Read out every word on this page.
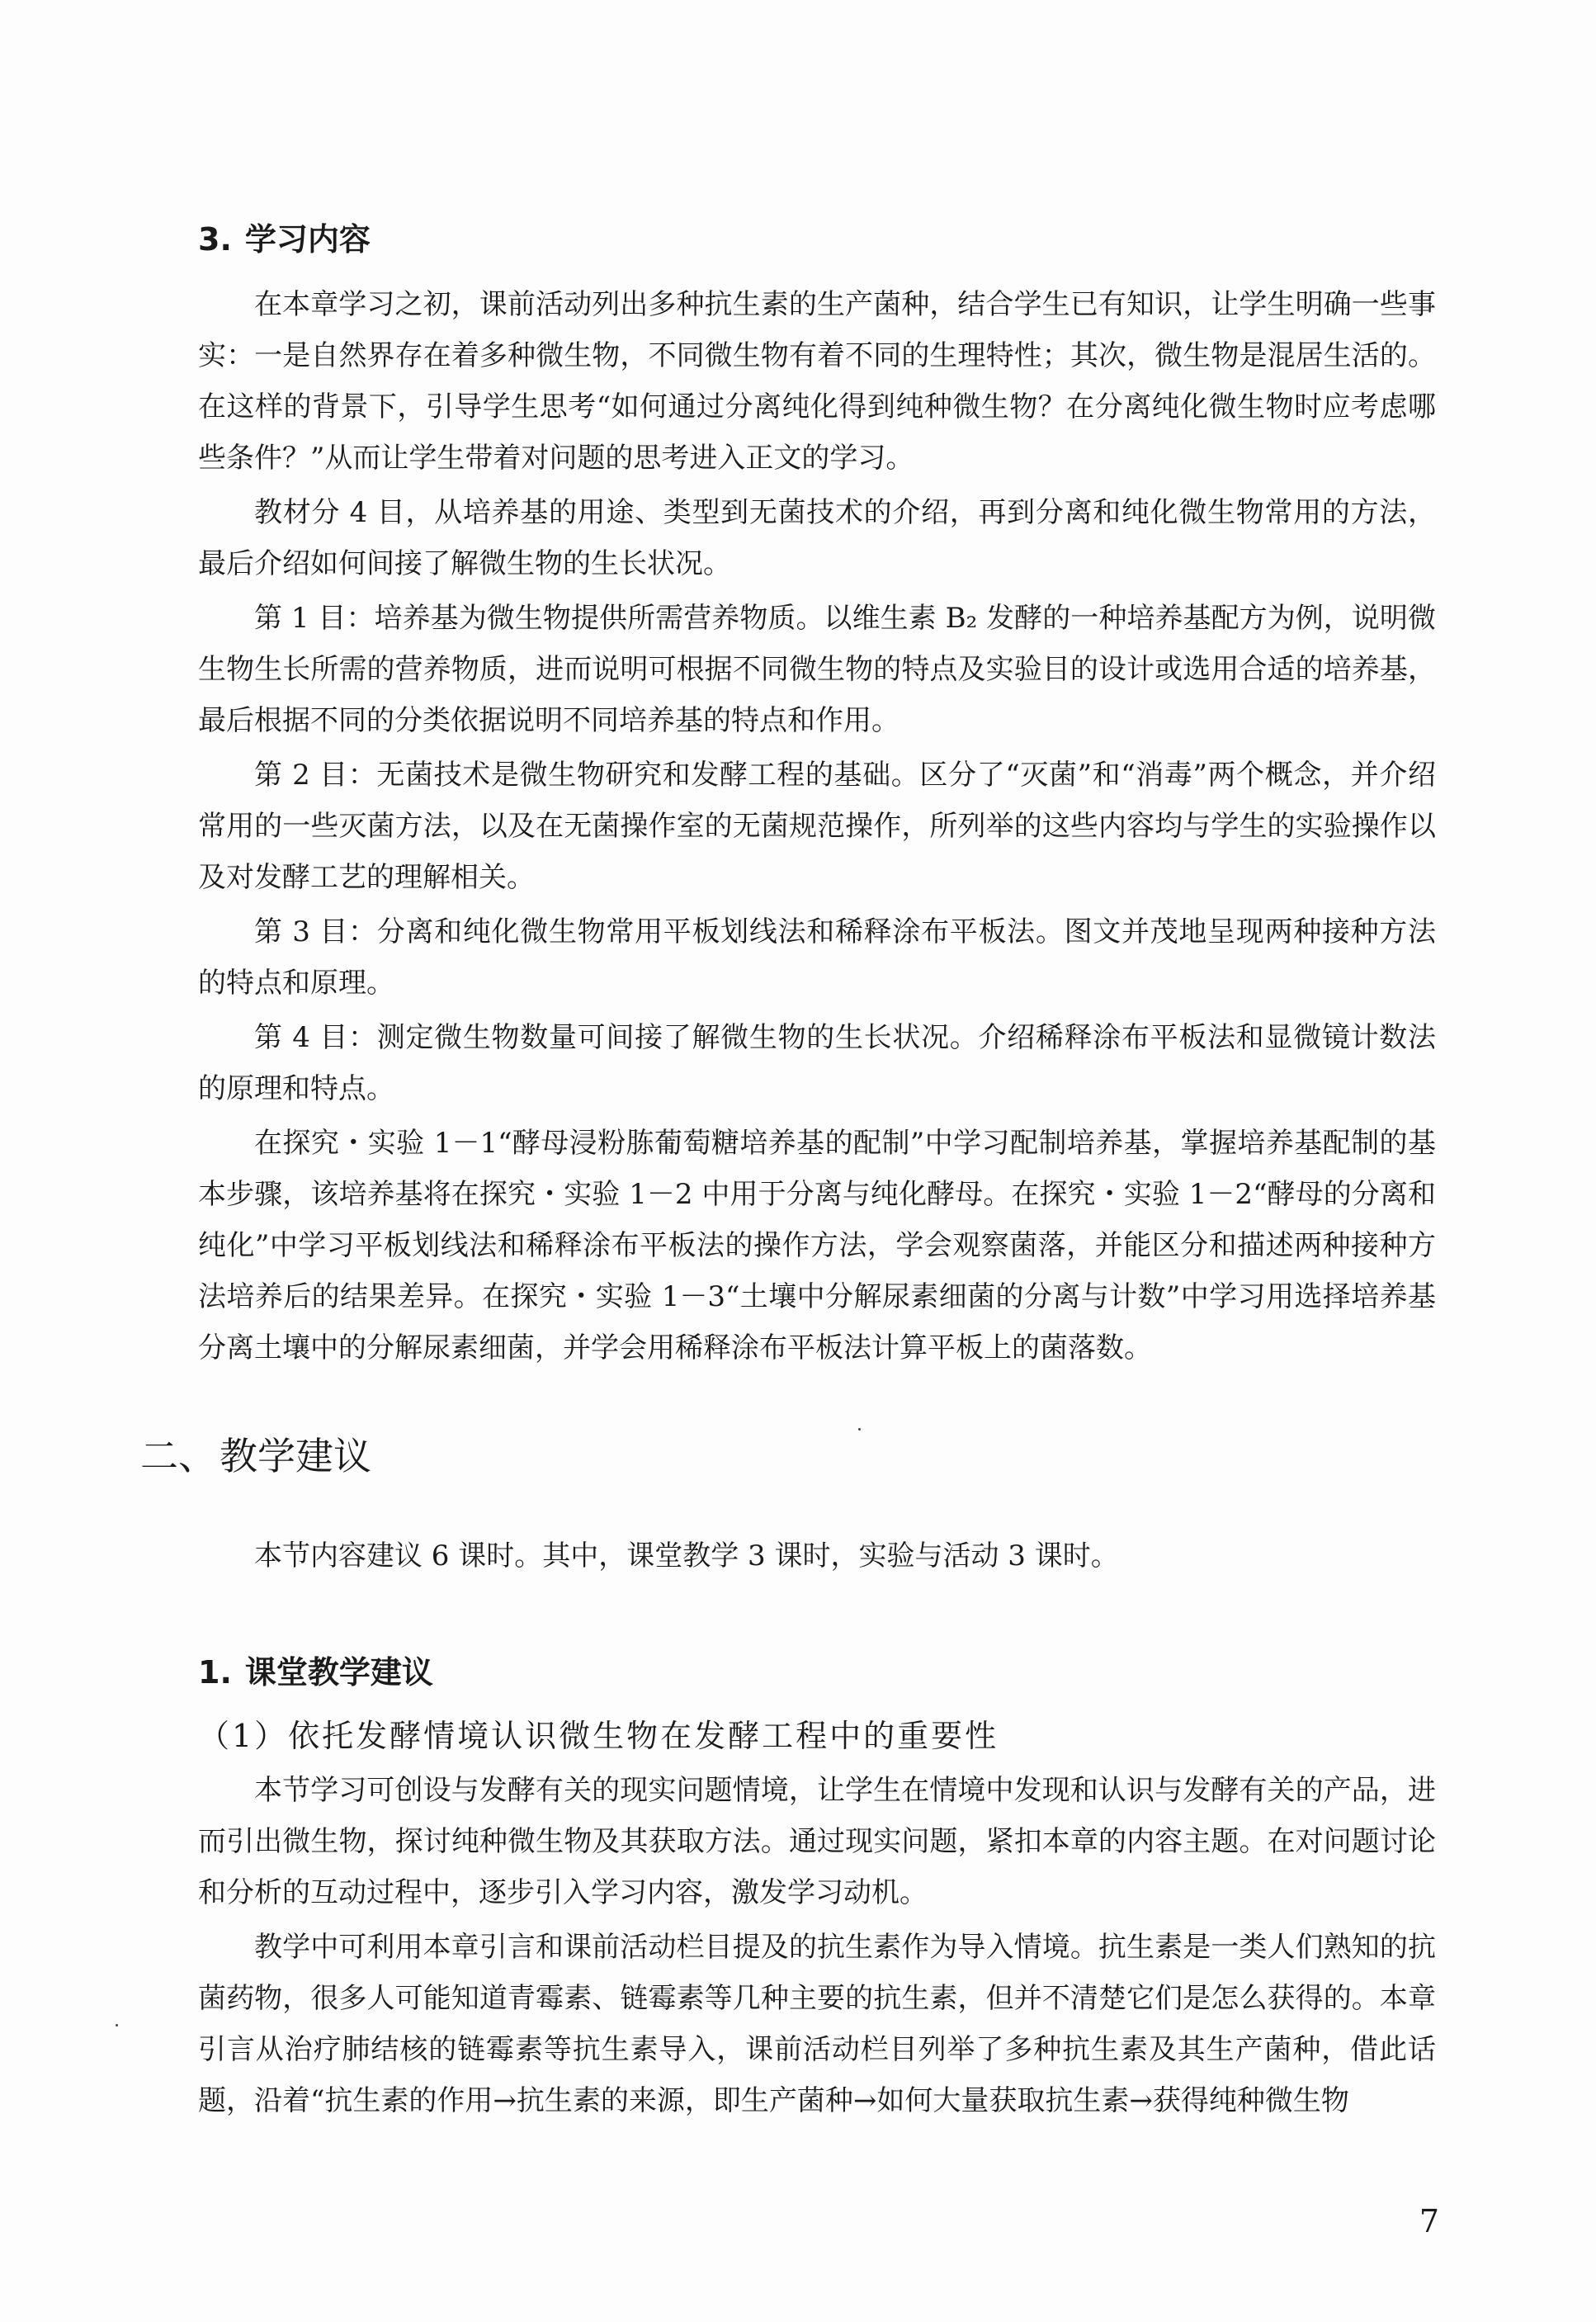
3. 学习内容

在本章学习之初，课前活动列出多种抗生素的生产菌种，结合学生已有知识，让学生明确一些事实：一是自然界存在着多种微生物，不同微生物有着不同的生理特性；其次，微生物是混居生活的。在这样的背景下，引导学生思考“如何通过分离纯化得到纯种微生物？在分离纯化微生物时应考虑哪些条件？”从而让学生带着对问题的思考进入正文的学习。

教材分 4 目，从培养基的用途、类型到无菌技术的介绍，再到分离和纯化微生物常用的方法，最后介绍如何间接了解微生物的生长状况。

第 1 目：培养基为微生物提供所需营养物质。以维生素 B₂ 发酵的一种培养基配方为例，说明微生物生长所需的营养物质，进而说明可根据不同微生物的特点及实验目的设计或选用合适的培养基，最后根据不同的分类依据说明不同培养基的特点和作用。

第 2 目：无菌技术是微生物研究和发酵工程的基础。区分了“灭菌”和“消毒”两个概念，并介绍常用的一些灭菌方法，以及在无菌操作室的无菌规范操作，所列举的这些内容均与学生的实验操作以及对发酵工艺的理解相关。

第 3 目：分离和纯化微生物常用平板划线法和稀释涂布平板法。图文并茂地呈现两种接种方法的特点和原理。

第 4 目：测定微生物数量可间接了解微生物的生长状况。介绍稀释涂布平板法和显微镜计数法的原理和特点。

在探究・实验 1－1“酵母浸粉胨葡萄糖培养基的配制”中学习配制培养基，掌握培养基配制的基本步骤，该培养基将在探究・实验 1－2 中用于分离与纯化酵母。在探究・实验 1－2“酵母的分离和纯化”中学习平板划线法和稀释涂布平板法的操作方法，学会观察菌落，并能区分和描述两种接种方法培养后的结果差异。在探究・实验 1－3“土壤中分解尿素细菌的分离与计数”中学习用选择培养基分离土壤中的分解尿素细菌，并学会用稀释涂布平板法计算平板上的菌落数。

二、 教学建议

本节内容建议 6 课时。其中，课堂教学 3 课时，实验与活动 3 课时。

1. 课堂教学建议
（1）依托发酵情境认识微生物在发酵工程中的重要性

本节学习可创设与发酵有关的现实问题情境，让学生在情境中发现和认识与发酵有关的产品，进而引出微生物，探讨纯种微生物及其获取方法。通过现实问题，紧扣本章的内容主题。在对问题讨论和分析的互动过程中，逐步引入学习内容，激发学习动机。

教学中可利用本章引言和课前活动栏目提及的抗生素作为导入情境。抗生素是一类人们熟知的抗菌药物，很多人可能知道青霉素、链霉素等几种主要的抗生素，但并不清楚它们是怎么获得的。本章引言从治疗肺结核的链霉素等抗生素导入，课前活动栏目列举了多种抗生素及其生产菌种，借此话题，沿着“抗生素的作用→抗生素的来源，即生产菌种→如何大量获取抗生素→获得纯种微生物

7
